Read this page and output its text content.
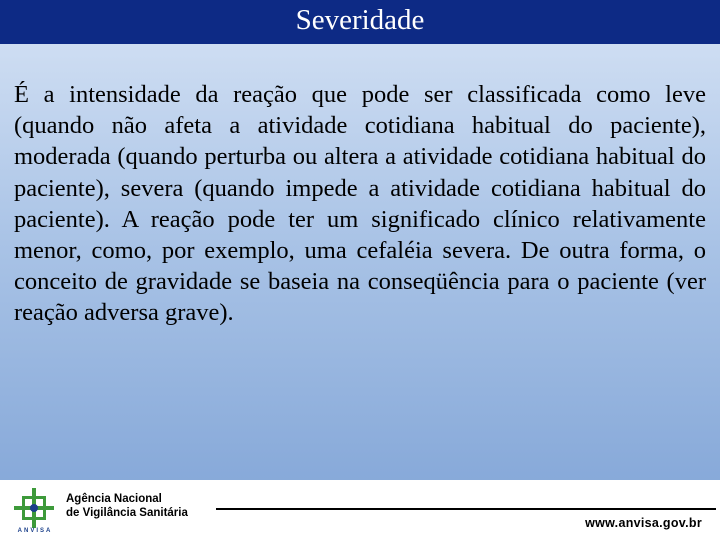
Severidade

É a intensidade da reação que pode ser classificada como leve (quando não afeta a atividade cotidiana habitual do paciente), moderada (quando perturba ou altera a atividade cotidiana habitual do paciente), severa (quando impede a atividade cotidiana habitual do paciente). A reação pode ter um significado clínico relativamente menor, como, por exemplo, uma cefaléia severa. De outra forma, o conceito de gravidade se baseia na conseqüência para o paciente (ver reação adversa grave).

ANVISA
Agência Nacional
de Vigilância Sanitária
www.anvisa.gov.br
